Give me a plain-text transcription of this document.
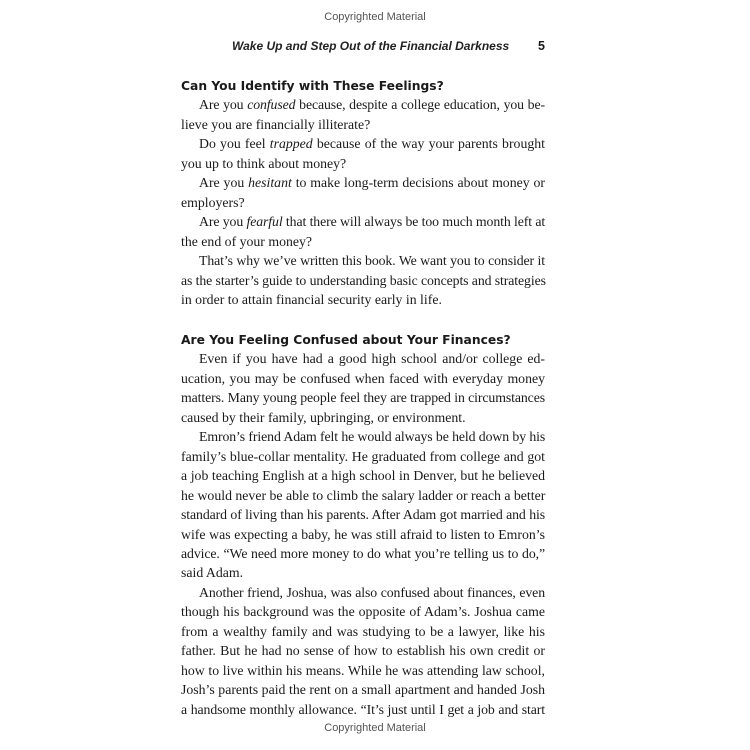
Copyrighted Material
Wake Up and Step Out of the Financial Darkness 5
Can You Identify with These Feelings?
Are you confused because, despite a college education, you be-
lieve you are financially illiterate?
Do you feel trapped because of the way your parents brought
you up to think about money?
Are you hesitant to make long-term decisions about money or
employers?
Are you fearful that there will always be too much month left at
the end of your money?
That’s why we’ve written this book. We want you to consider it
as the starter’s guide to understanding basic concepts and strategies
in order to attain financial security early in life.
Are You Feeling Confused about Your Finances?
Even if you have had a good high school and/or college ed-
ucation, you may be confused when faced with everyday money
matters. Many young people feel they are trapped in circumstances
caused by their family, upbringing, or environment.
Emron’s friend Adam felt he would always be held down by his
family’s blue-collar mentality. He graduated from college and got
a job teaching English at a high school in Denver, but he believed
he would never be able to climb the salary ladder or reach a better
standard of living than his parents. After Adam got married and his
wife was expecting a baby, he was still afraid to listen to Emron’s
advice. “We need more money to do what you’re telling us to do,”
said Adam.
Another friend, Joshua, was also confused about finances, even
though his background was the opposite of Adam’s. Joshua came
from a wealthy family and was studying to be a lawyer, like his
father. But he had no sense of how to establish his own credit or
how to live within his means. While he was attending law school,
Josh’s parents paid the rent on a small apartment and handed Josh
a handsome monthly allowance. “It’s just until I get a job and start
Copyrighted Material
